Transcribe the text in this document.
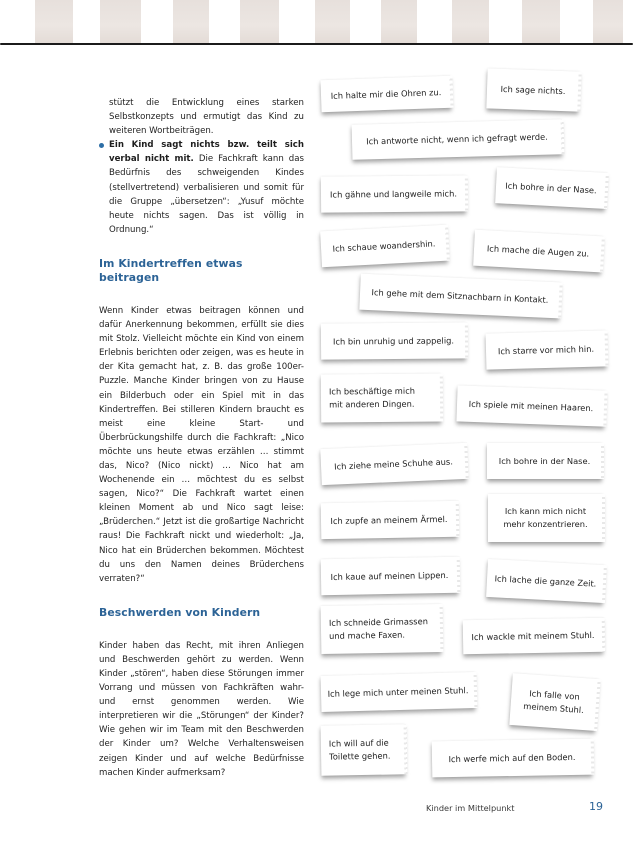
stützt die Entwicklung eines starken Selbstkonzepts und ermutigt das Kind zu weiteren Wortbeiträgen.

Ein Kind sagt nichts bzw. teilt sich verbal nicht mit. Die Fachkraft kann das Bedürfnis des schweigenden Kindes (stellvertretend) verbalisieren und somit für die Gruppe „übersetzen“: „Yusuf möchte heute nichts sagen. Das ist völlig in Ordnung.“
Im Kindertreffen etwas beitragen

Wenn Kinder etwas beitragen können und dafür Anerkennung bekommen, erfüllt sie dies mit Stolz. Vielleicht möchte ein Kind von einem Erlebnis berichten oder zeigen, was es heute in der Kita gemacht hat, z. B. das große 100er-Puzzle. Manche Kinder bringen von zu Hause ein Bilderbuch oder ein Spiel mit in das Kindertreffen. Bei stilleren Kindern braucht es meist eine kleine Start- und Überbrückungshilfe durch die Fachkraft: „Nico möchte uns heute etwas erzählen … stimmt das, Nico? (Nico nickt) … Nico hat am Wochenende ein … möchtest du es selbst sagen, Nico?“ Die Fachkraft wartet einen kleinen Moment ab und Nico sagt leise: „Brüderchen.“ Jetzt ist die großartige Nachricht raus! Die Fachkraft nickt und wiederholt: „Ja, Nico hat ein Brüderchen bekommen. Möchtest du uns den Namen deines Brüderchens verraten?“

Beschwerden von Kindern

Kinder haben das Recht, mit ihren Anliegen und Beschwerden gehört zu werden. Wenn Kinder „stören“, haben diese Störungen immer Vorrang und müssen von Fachkräften wahr- und ernst genommen werden. Wie interpretieren wir die „Störungen“ der Kinder? Wie gehen wir im Team mit den Beschwerden der Kinder um? Welche Verhaltensweisen zeigen Kinder und auf welche Bedürfnisse machen Kinder aufmerksam?

Ich halte mir die Ohren zu.	Ich sage nichts.
Ich antworte nicht, wenn ich gefragt werde.
Ich gähne und langweile mich.	Ich bohre in der Nase.
Ich schaue woandershin.	Ich mache die Augen zu.
Ich gehe mit dem Sitznachbarn in Kontakt.
Ich bin unruhig und zappelig.
Ich starre vor mich hin.
Ich beschäftige mich
mit anderen Dingen.	Ich spiele mit meinen Haaren.
Ich ziehe meine Schuhe aus.	Ich bohre in der Nase.
Ich zupfe an meinem Ärmel.
Ich kann mich nicht
mehr konzentrieren.
Ich kaue auf meinen Lippen.	Ich lache die ganze Zeit.
Ich schneide Grimassen
und mache Faxen.	Ich wackle mit meinem Stuhl.
Ich lege mich unter meinen Stuhl.	Ich falle von
meinem Stuhl.
Ich will auf die
Toilette gehen.	Ich werfe mich auf den Boden.
Kinder im Mittelpunkt	19
